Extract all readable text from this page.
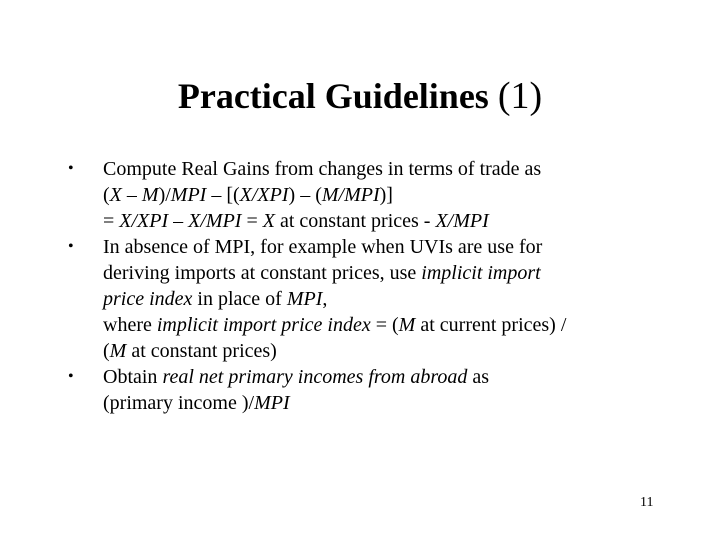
Practical Guidelines (1)
• Compute Real Gains from changes in terms of trade as
(X – M)/MPI – [(X/XPI) – (M/MPI)]
= X/XPI – X/MPI = X at constant prices - X/MPI
• In absence of MPI, for example when UVIs are use for
deriving imports at constant prices, use implicit import
price index in place of MPI,
where implicit import price index = (M at current prices) /
(M at constant prices)
• Obtain real net primary incomes from abroad as
(primary income )/MPI
11
